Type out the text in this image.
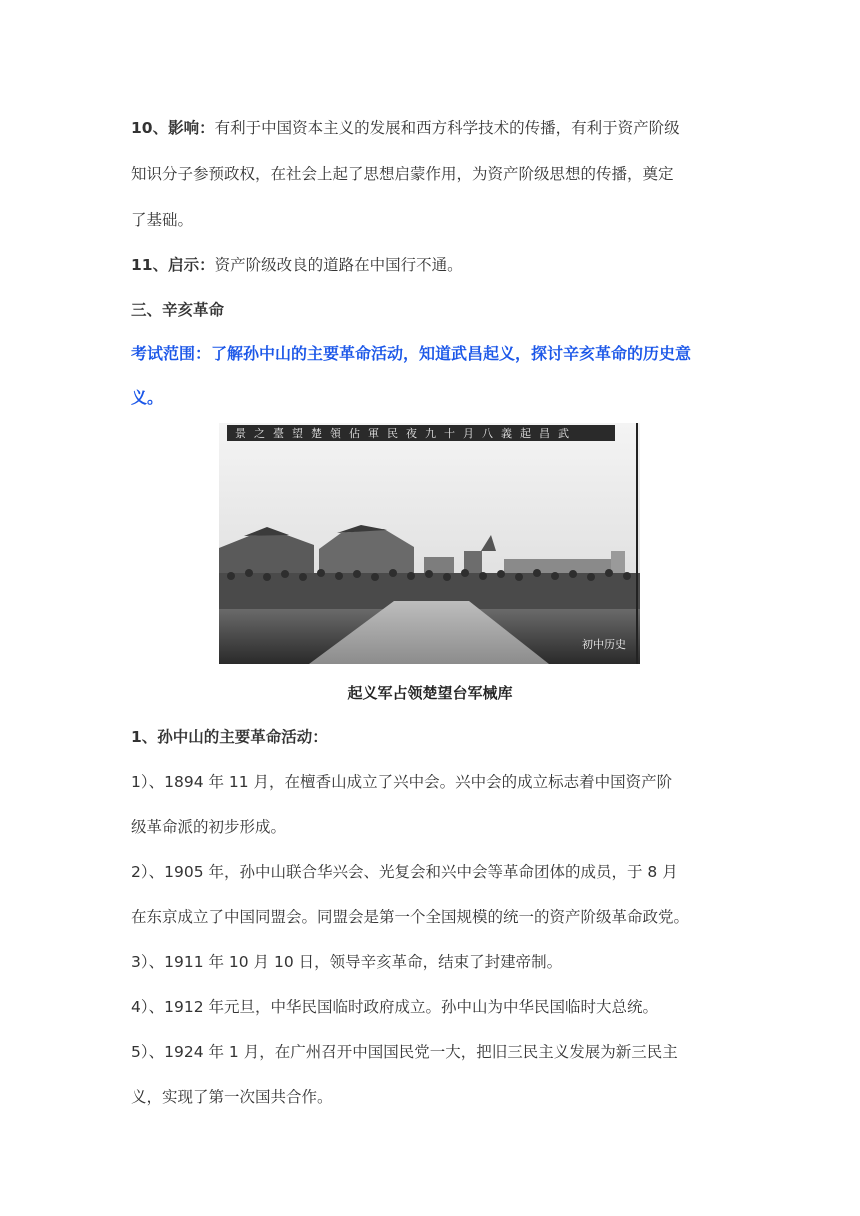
10、影响：有利于中国资本主义的发展和西方科学技术的传播，有利于资产阶级
知识分子参预政权，在社会上起了思想启蒙作用，为资产阶级思想的传播，奠定
了基础。
11、启示：资产阶级改良的道路在中国行不通。
三、辛亥革命
考试范围：了解孙中山的主要革命活动，知道武昌起义，探讨辛亥革命的历史意
义。
景之臺望楚領佔軍民夜九十月八義起昌武
初中历史
起义军占领楚望台军械库
1、孙中山的主要革命活动：
1）、1894 年 11 月，在檀香山成立了兴中会。兴中会的成立标志着中国资产阶
级革命派的初步形成。
2）、1905 年，孙中山联合华兴会、光复会和兴中会等革命团体的成员，于 8 月
在东京成立了中国同盟会。同盟会是第一个全国规模的统一的资产阶级革命政党。
3）、1911 年 10 月 10 日，领导辛亥革命，结束了封建帝制。
4）、1912 年元旦，中华民国临时政府成立。孙中山为中华民国临时大总统。
5）、1924 年 1 月，在广州召开中国国民党一大，把旧三民主义发展为新三民主
义，实现了第一次国共合作。
